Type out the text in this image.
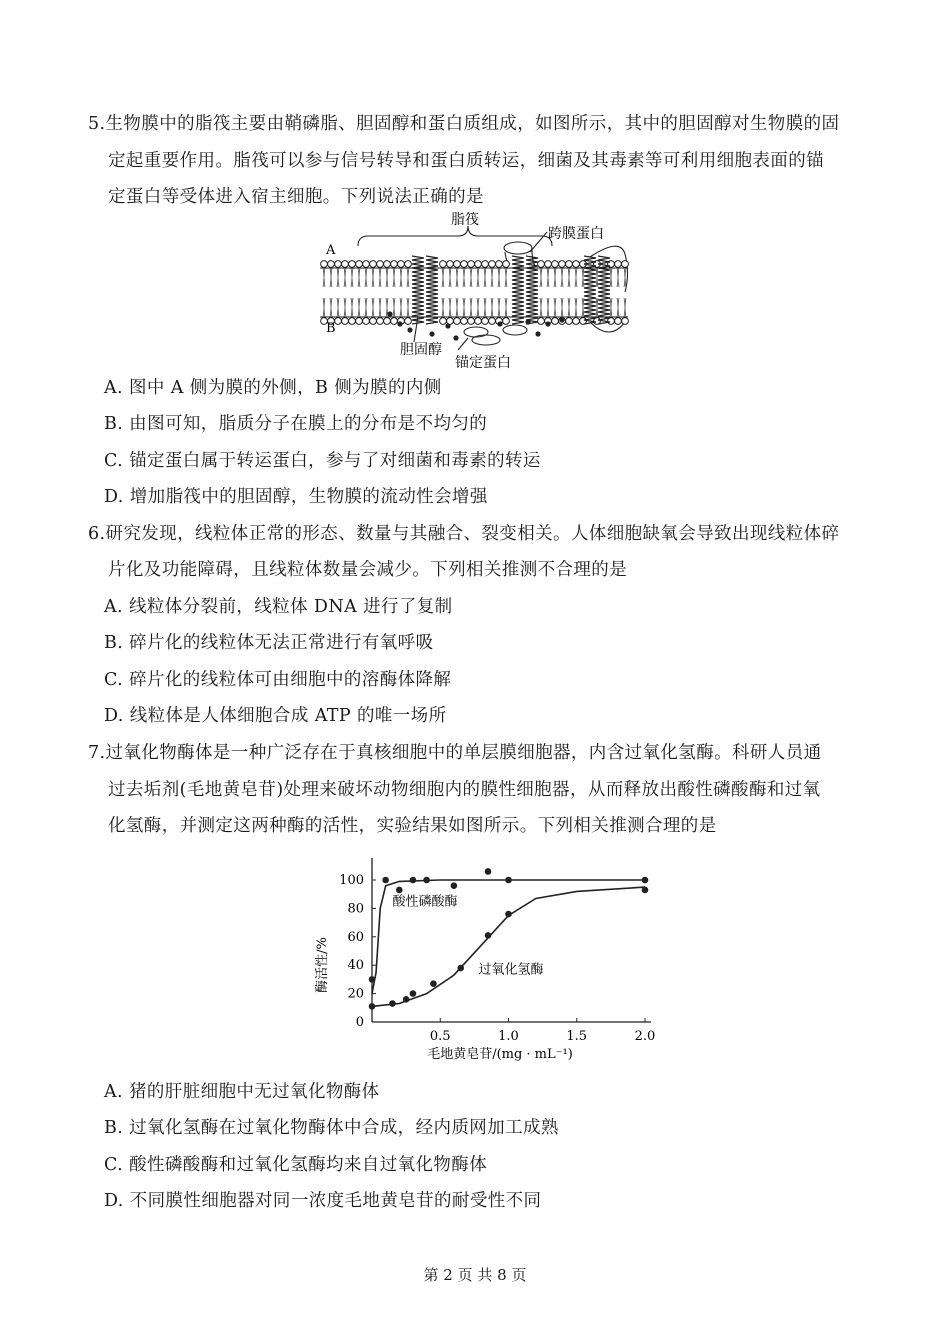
5.生物膜中的脂筏主要由鞘磷脂、胆固醇和蛋白质组成，如图所示，其中的胆固醇对生物膜的固
定起重要作用。脂筏可以参与信号转导和蛋白质转运，细菌及其毒素等可利用细胞表面的锚
定蛋白等受体进入宿主细胞。下列说法正确的是
脂筏
跨膜蛋白
A
B
胆固醇
锚定蛋白
A. 图中 A 侧为膜的外侧，B 侧为膜的内侧
B. 由图可知，脂质分子在膜上的分布是不均匀的
C. 锚定蛋白属于转运蛋白，参与了对细菌和毒素的转运
D. 增加脂筏中的胆固醇，生物膜的流动性会增强
6.研究发现，线粒体正常的形态、数量与其融合、裂变相关。人体细胞缺氧会导致出现线粒体碎
片化及功能障碍，且线粒体数量会减少。下列相关推测不合理的是
A. 线粒体分裂前，线粒体 DNA 进行了复制
B. 碎片化的线粒体无法正常进行有氧呼吸
C. 碎片化的线粒体可由细胞中的溶酶体降解
D. 线粒体是人体细胞合成 ATP 的唯一场所
7.过氧化物酶体是一种广泛存在于真核细胞中的单层膜细胞器，内含过氧化氢酶。科研人员通
过去垢剂(毛地黄皂苷)处理来破坏动物细胞内的膜性细胞器，从而释放出酸性磷酸酶和过氧
化氢酶，并测定这两种酶的活性，实验结果如图所示。下列相关推测合理的是
0
20
40
60
80
100
0.5	1.0	1.5	2.0
酸性磷酸酶
过氧化氢酶
酶活性/%
毛地黄皂苷/(mg · mL⁻¹)
A. 猪的肝脏细胞中无过氧化物酶体
B. 过氧化氢酶在过氧化物酶体中合成，经内质网加工成熟
C. 酸性磷酸酶和过氧化氢酶均来自过氧化物酶体
D. 不同膜性细胞器对同一浓度毛地黄皂苷的耐受性不同
第 2 页 共 8 页
